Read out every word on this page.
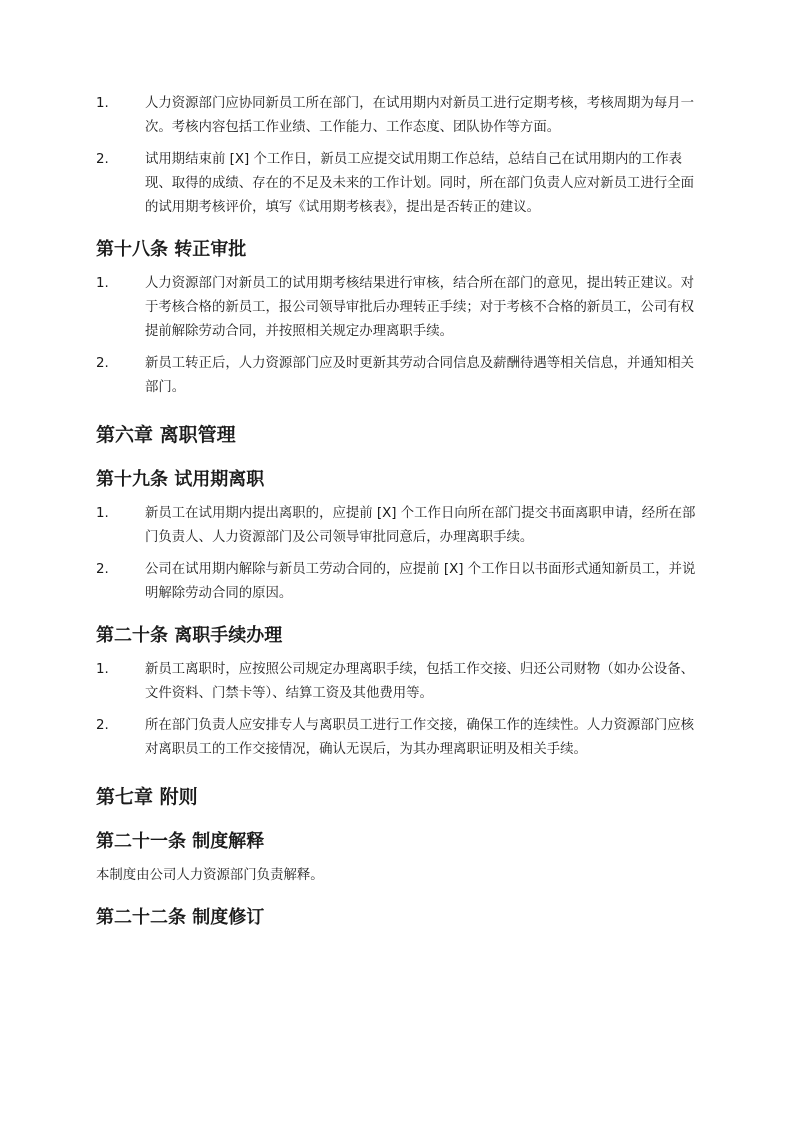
1.	人力资源部门应协同新员工所在部门，在试用期内对新员工进行定期考核，考核周期为每月一次。考核内容包括工作业绩、工作能力、工作态度、团队协作等方面。
2.	试用期结束前 [X] 个工作日，新员工应提交试用期工作总结，总结自己在试用期内的工作表现、取得的成绩、存在的不足及未来的工作计划。同时，所在部门负责人应对新员工进行全面的试用期考核评价，填写《试用期考核表》，提出是否转正的建议。
第十八条 转正审批
1.	人力资源部门对新员工的试用期考核结果进行审核，结合所在部门的意见，提出转正建议。对于考核合格的新员工，报公司领导审批后办理转正手续；对于考核不合格的新员工，公司有权提前解除劳动合同，并按照相关规定办理离职手续。
2.	新员工转正后，人力资源部门应及时更新其劳动合同信息及薪酬待遇等相关信息，并通知相关部门。
第六章 离职管理
第十九条 试用期离职
1.	新员工在试用期内提出离职的，应提前 [X] 个工作日向所在部门提交书面离职申请，经所在部门负责人、人力资源部门及公司领导审批同意后，办理离职手续。
2.	公司在试用期内解除与新员工劳动合同的，应提前 [X] 个工作日以书面形式通知新员工，并说明解除劳动合同的原因。
第二十条 离职手续办理
1.	新员工离职时，应按照公司规定办理离职手续，包括工作交接、归还公司财物（如办公设备、文件资料、门禁卡等）、结算工资及其他费用等。
2.	所在部门负责人应安排专人与离职员工进行工作交接，确保工作的连续性。人力资源部门应核对离职员工的工作交接情况，确认无误后，为其办理离职证明及相关手续。
第七章 附则
第二十一条 制度解释

本制度由公司人力资源部门负责解释。

第二十二条 制度修订
